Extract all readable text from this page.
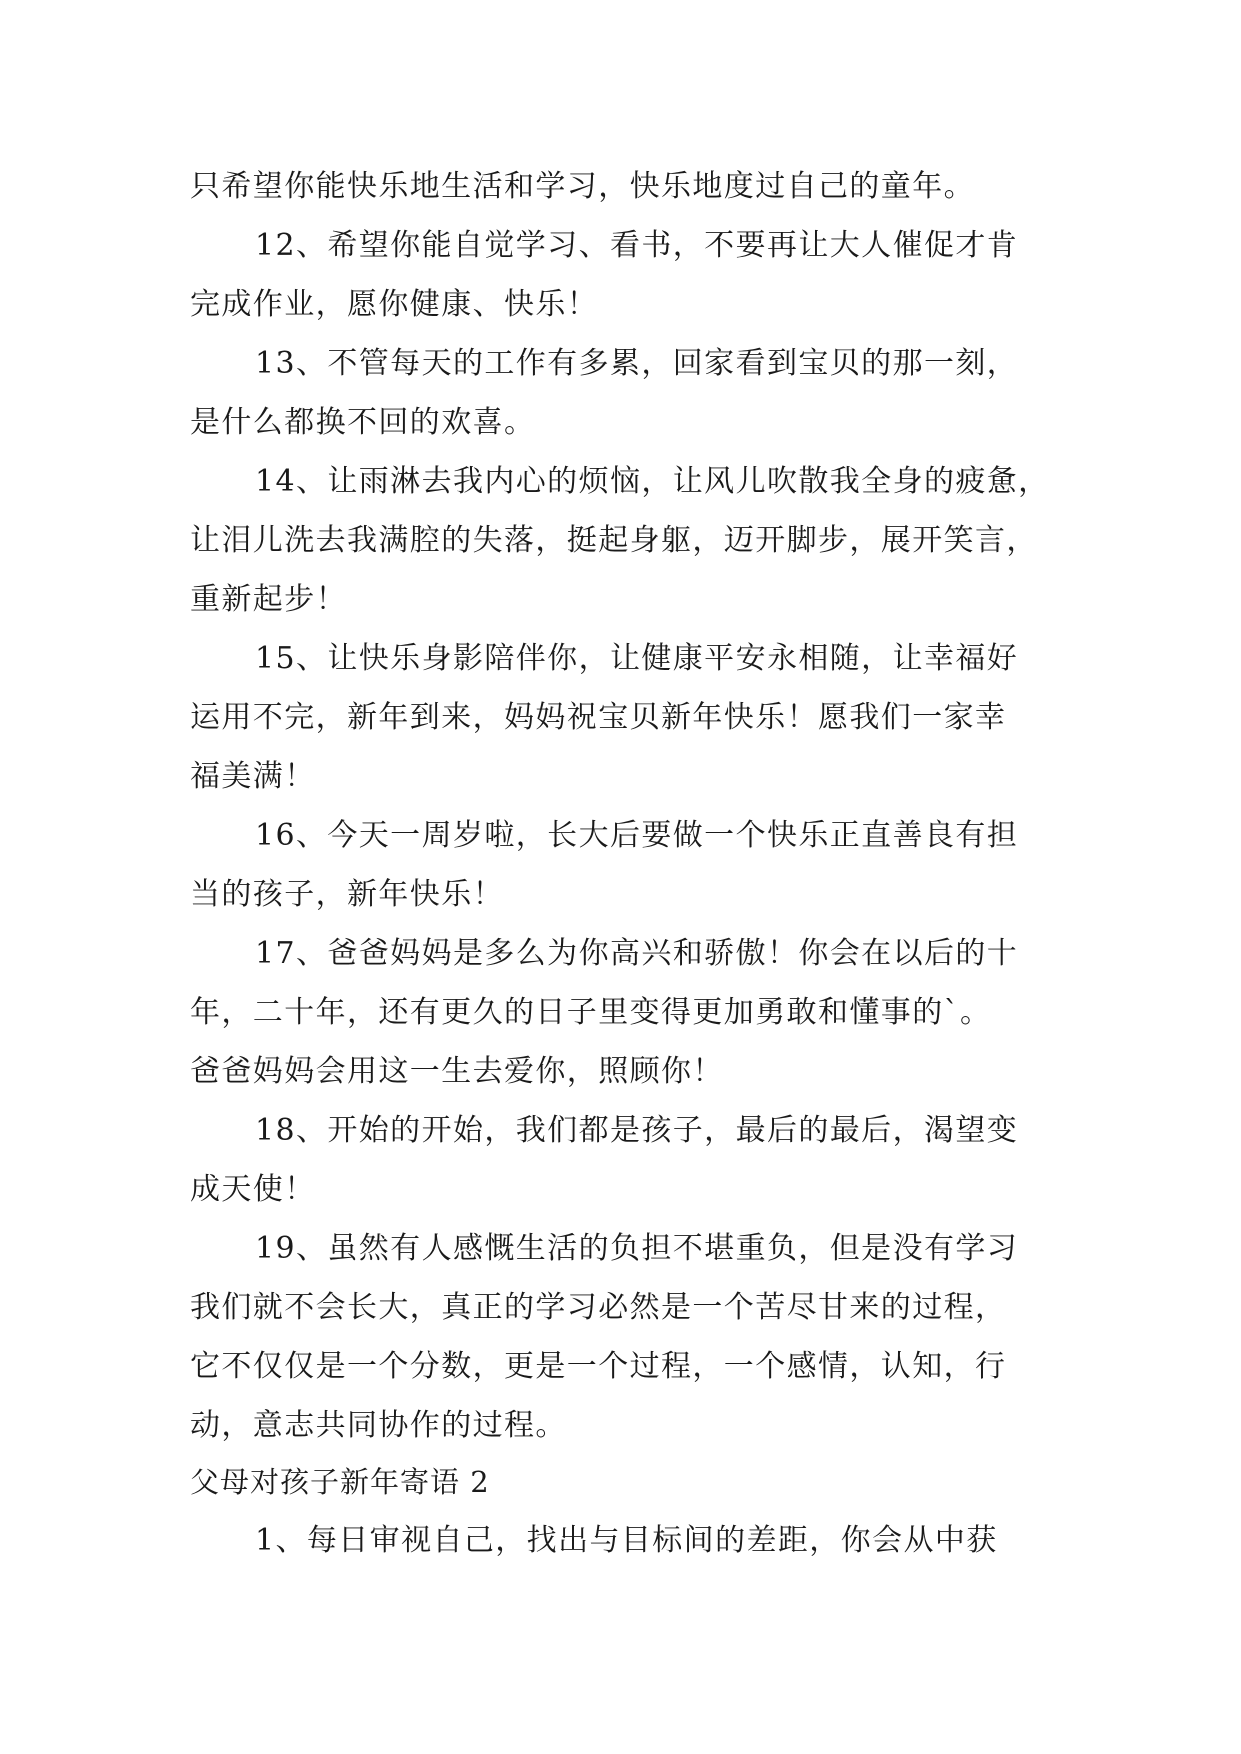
只希望你能快乐地生活和学习，快乐地度过自己的童年。
12、希望你能自觉学习、看书，不要再让大人催促才肯
完成作业，愿你健康、快乐！
13、不管每天的工作有多累，回家看到宝贝的那一刻，
是什么都换不回的欢喜。
14、让雨淋去我内心的烦恼，让风儿吹散我全身的疲惫，
让泪儿洗去我满腔的失落，挺起身躯，迈开脚步，展开笑言，
重新起步！
15、让快乐身影陪伴你，让健康平安永相随，让幸福好
运用不完，新年到来，妈妈祝宝贝新年快乐！愿我们一家幸
福美满！
16、今天一周岁啦，长大后要做一个快乐正直善良有担
当的孩子，新年快乐！
17、爸爸妈妈是多么为你高兴和骄傲！你会在以后的十
年，二十年，还有更久的日子里变得更加勇敢和懂事的`。
爸爸妈妈会用这一生去爱你，照顾你！
18、开始的开始，我们都是孩子，最后的最后，渴望变
成天使！
19、虽然有人感慨生活的负担不堪重负，但是没有学习
我们就不会长大，真正的学习必然是一个苦尽甘来的过程，
它不仅仅是一个分数，更是一个过程，一个感情，认知，行
动，意志共同协作的过程。
父母对孩子新年寄语 2
1、每日审视自己，找出与目标间的差距，你会从中获
